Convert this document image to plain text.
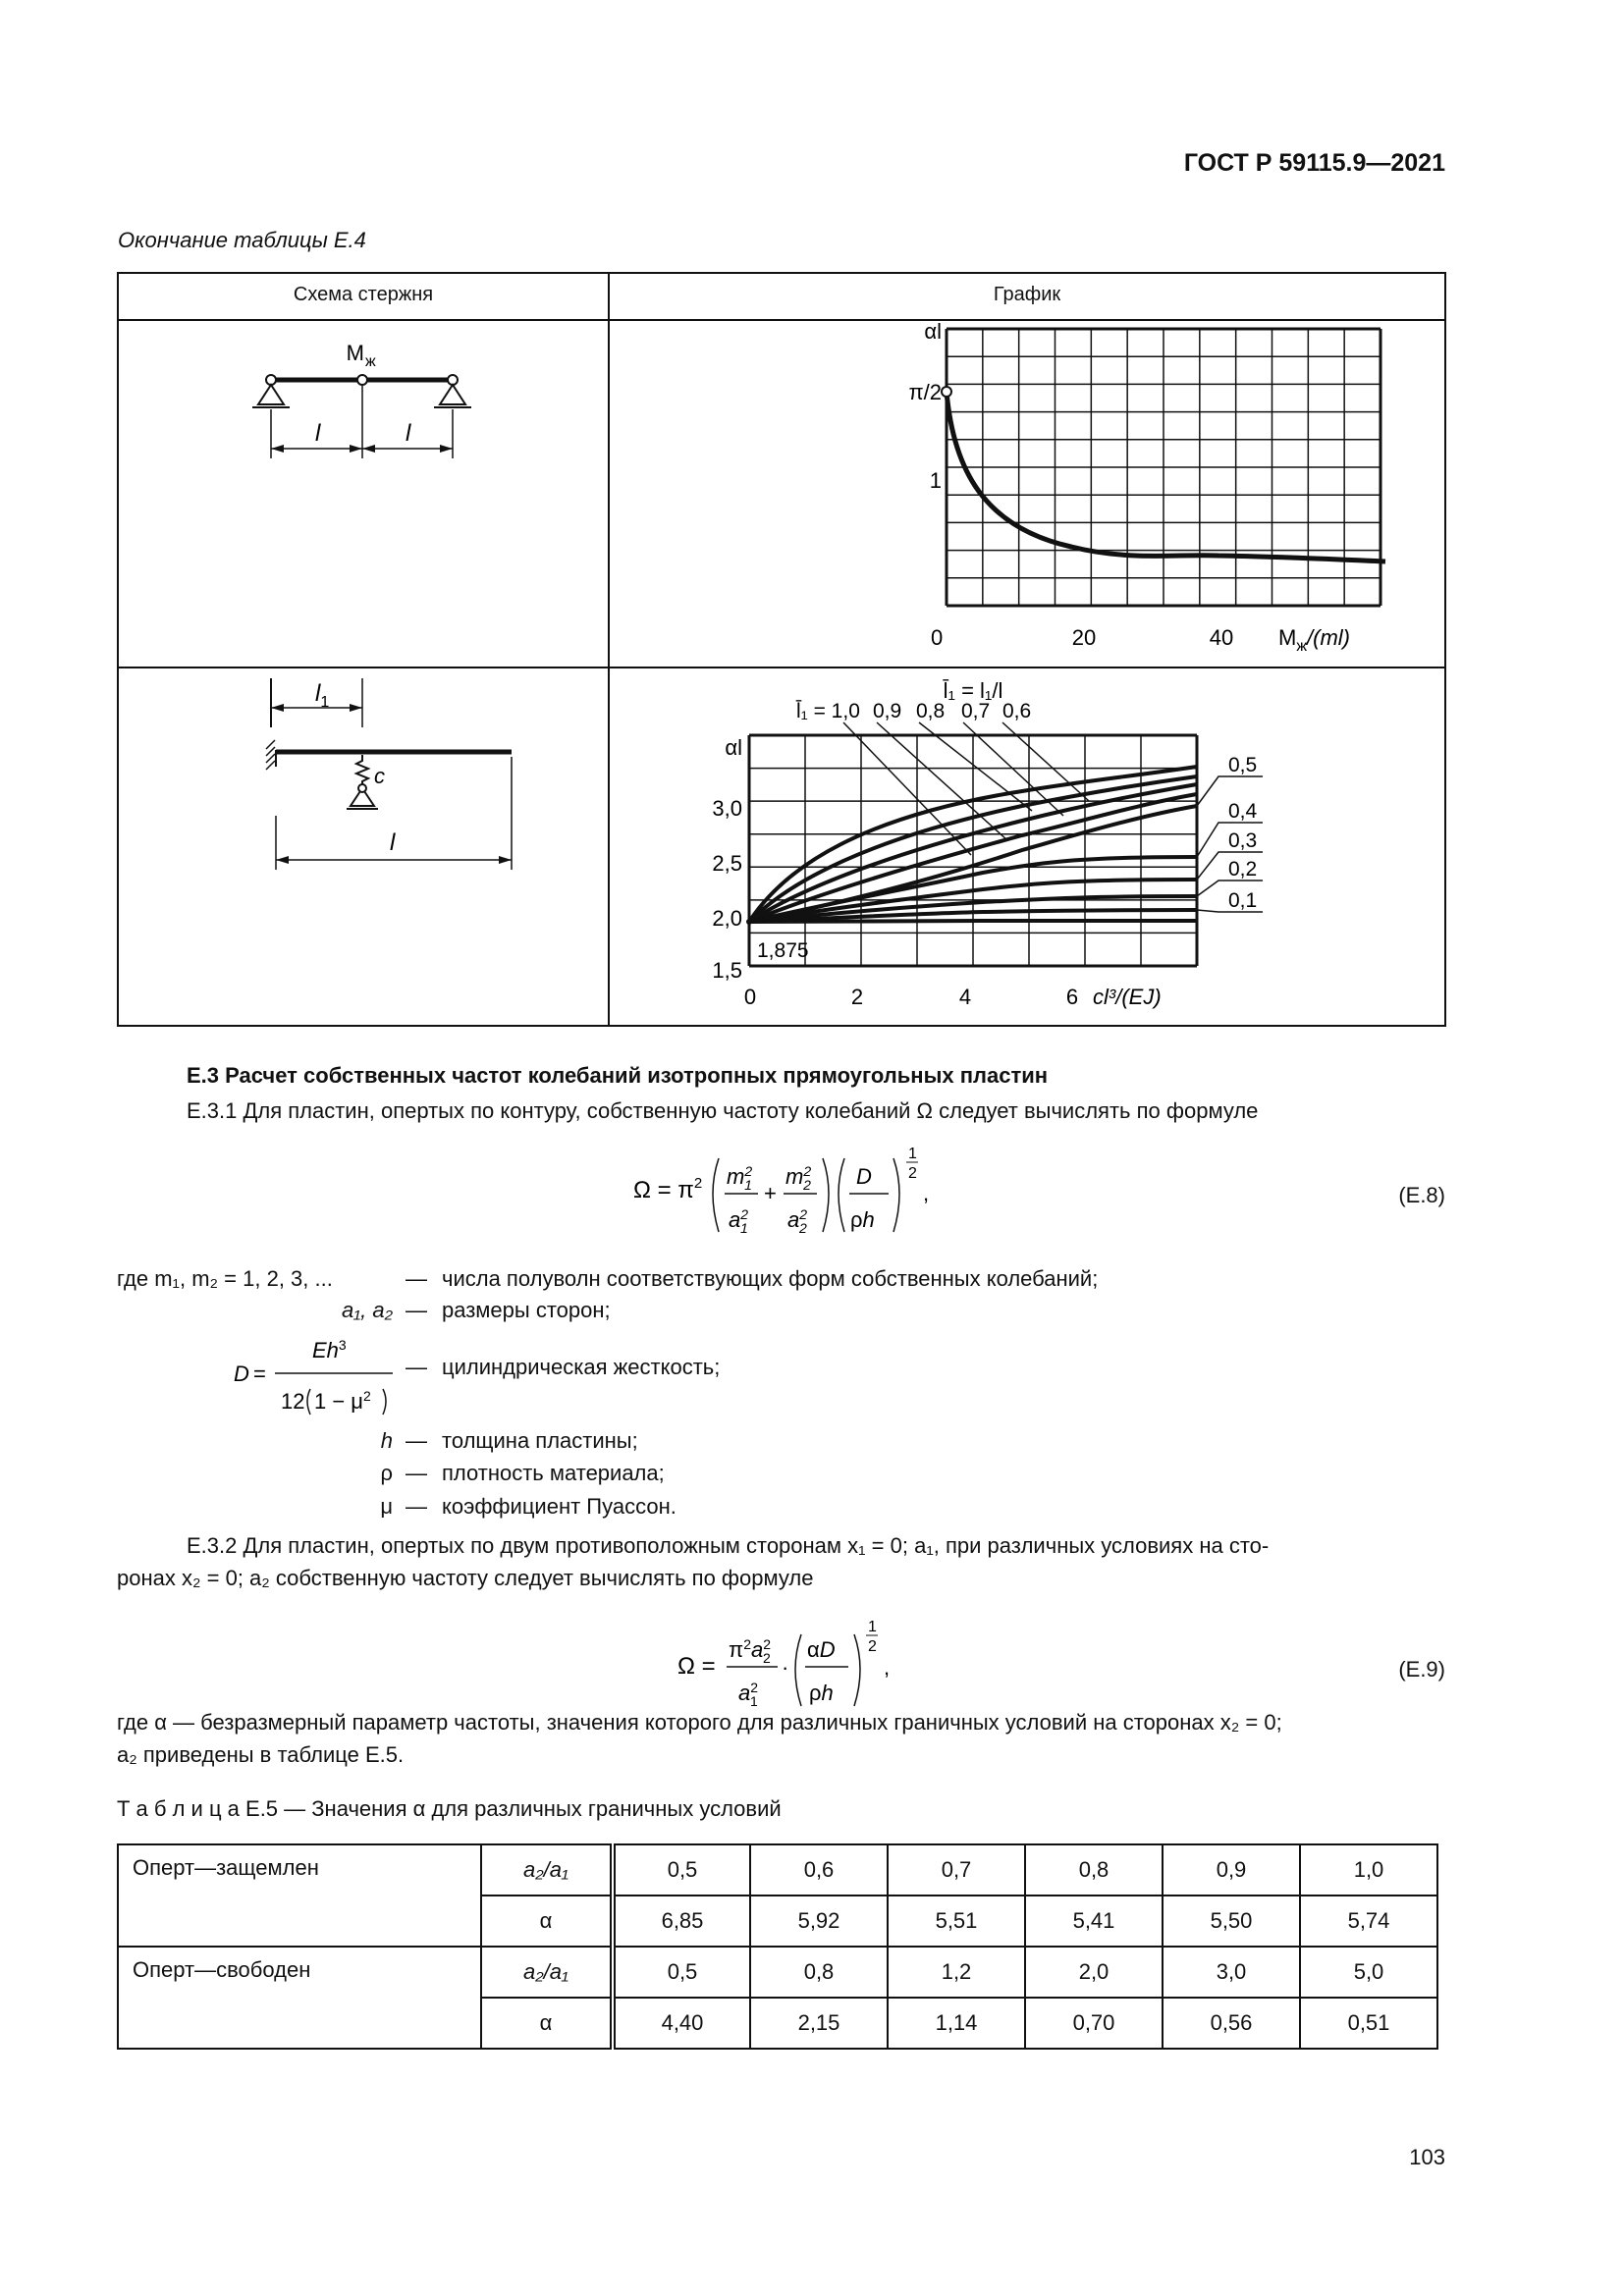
ГОСТ Р 59115.9—2021
Окончание таблицы Е.4
Схема стержня	График
М ж
l	l
αl
π/2
1
0	20	40 $М_ж/(ml)$
$l_1$
c
l
l̄₁ = l₁/l
l̄₁ = 1,0 0,9 0,8 0,7 0,6
0,5
0,4
0,3
0,2
0,1
αl
3,0
2,5
2,0
1,5
1,875
0	2	4	6 cl³/(EJ)
Е.3 Расчет собственных частот колебаний изотропных прямоугольных пластин
Е.3.1 Для пластин, опертых по контуру, собственную частоту колебаний Ω следует вычислять по формуле
$\Omega = \pi^2$ $m^2$ 1
$a^2$ 1
+
$m^2$ 2
$a^2$ 2
D
ρh
1
2
,	(Е.8)
где m₁, m₂ = 1, 2, 3, ...	— числа полуволн соответствующих форм собственных колебаний;
a₁, a₂ — размеры сторон;
D =
$Eh^3$
12 $1 - \mu^2$
— цилиндрическая жесткость;
h — толщина пластины;
ρ — плотность материала;
μ — коэффициент Пуассон.
Е.3.2 Для пластин, опертых по двум противоположным сторонам x₁ = 0; a₁, при различных условиях на сто-
ронах x₂ = 0; a₂ собственную частоту следует вычислять по формуле
Ω =
$\pi^2a^2$ 2
$a^2$ 1
·
αD
ρh
1
2
,	(Е.9)
где α — безразмерный параметр частоты, значения которого для различных граничных условий на сторонах x₂ = 0;
a₂ приведены в таблице Е.5.
Т а б л и ц а Е.5 — Значения α для различных граничных условий
Оперт—защемлен	a₂/a₁	0,5	0,6	0,7	0,8	0,9	1,0
	α	6,85	5,92	5,51	5,41	5,50	5,74
Оперт—свободен	a₂/a₁	0,5	0,8	1,2	2,0	3,0	5,0
	α	4,40	2,15	1,14	0,70	0,56	0,51
103
